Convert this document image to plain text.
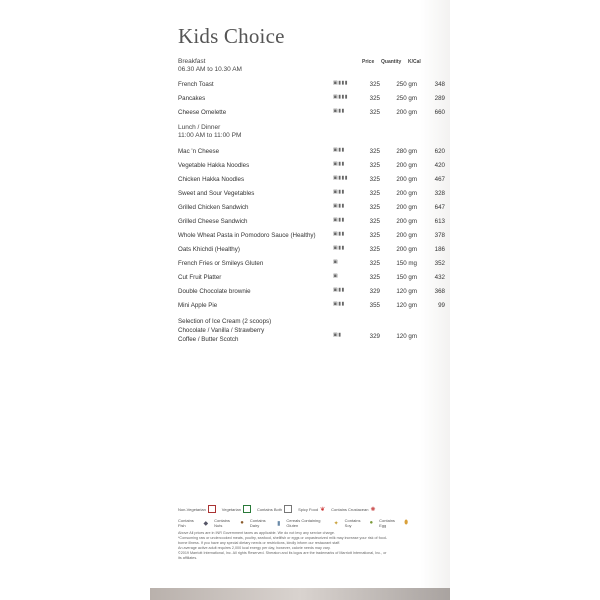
Kids Choice
Breakfast
06.30 AM to 10.30 AM
Price Quantity K/Cal
French Toast	▣▮▮▮	325	250 gm	348
Pancakes	▣▮▮▮	325	250 gm	289
Cheese Omelette	▣▮▮	325	200 gm	660
Lunch / Dinner
11:00 AM to 11:00 PM
Mac 'n Cheese	▣▮▮	325	280 gm	620
Vegetable Hakka Noodles	▣▮▮	325	200 gm	420
Chicken Hakka Noodles	▣▮▮▮	325	200 gm	467
Sweet and Sour Vegetables	▣▮▮	325	200 gm	328
Grilled Chicken Sandwich	▣▮▮	325	200 gm	647
Grilled Cheese Sandwich	▣▮▮	325	200 gm	613
Whole Wheat Pasta in Pomodoro Sauce (Healthy)	▣▮▮	325	200 gm	378
Oats Khichdi (Healthy)	▣▮▮	325	200 gm	186
French Fries or Smileys Gluten	▣	325	150 mg	352
Cut Fruit Platter	▣	325	150 gm	432
Double Chocolate brownie	▣▮▮	329	120 gm	368
Mini Apple Pie	▣▮▮	355	120 gm	99
Selection of Ice Cream (2 scoops)
Chocolate / Vanilla / Strawberry
Coffee / Butter Scotch
▣▮	329	120 gm
Non-Vegetarian	Vegetarian	Contains Both	Spicy Food ❦ Contains Crustacean ✺
Contains Fish	◆ Contains Nuts	● Contains Dairy	▮ Cereals Containing Gluten	✦ Contains Soy	● Contains Egg	⬮
Above All prices are in INR Government taxes as applicable. We do not levy any service charge.
*Consuming raw or undercooked meats, poultry, seafood, shellfish or eggs or unpasteurized milk may increase your risk of food-borne illness. If you have any special dietary needs or restrictions, kindly inform our restaurant staff.
An average active adult requires 2,000 kcal energy per day, however, calorie needs may vary.
©2019 Marriott International, Inc. All rights Reserved. Sheraton and its logos are the trademarks of Marriott International, Inc., or its affiliates.
